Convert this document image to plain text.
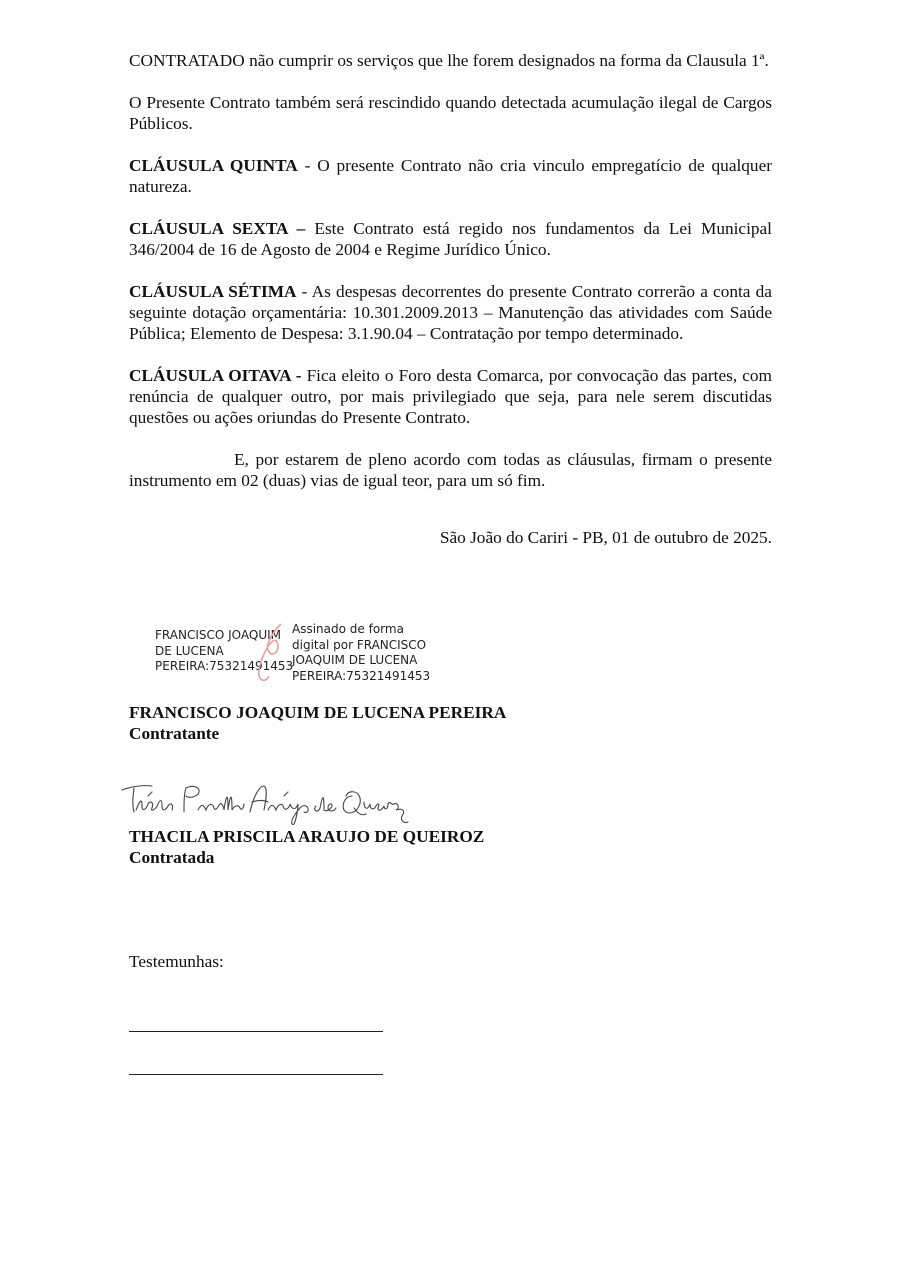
CONTRATADO não cumprir os serviços que lhe forem designados na forma da Clausula 1ª.

O Presente Contrato também será rescindido quando detectada acumulação ilegal de Cargos Públicos.

CLÁUSULA QUINTA - O presente Contrato não cria vinculo empregatício de qualquer natureza.

CLÁUSULA SEXTA – Este Contrato está regido nos fundamentos da Lei Municipal 346/2004 de 16 de Agosto de 2004 e Regime Jurídico Único.

CLÁUSULA SÉTIMA - As despesas decorrentes do presente Contrato correrão a conta da seguinte dotação orçamentária: 10.301.2009.2013 – Manutenção das atividades com Saúde Pública; Elemento de Despesa: 3.1.90.04 – Contratação por tempo determinado.

CLÁUSULA OITAVA - Fica eleito o Foro desta Comarca, por convocação das partes, com renúncia de qualquer outro, por mais privilegiado que seja, para nele serem discutidas questões ou ações oriundas do Presente Contrato.

E, por estarem de pleno acordo com todas as cláusulas, firmam o presente instrumento em 02 (duas) vias de igual teor, para um só fim.

São João do Cariri - PB, 01 de outubro de 2025.

FRANCISCO JOAQUIM
DE LUCENA
PEREIRA:75321491453
Assinado de forma
digital por FRANCISCO
JOAQUIM DE LUCENA
PEREIRA:75321491453
FRANCISCO JOAQUIM DE LUCENA PEREIRA
Contratante
THACILA PRISCILA ARAUJO DE QUEIROZ
Contratada
Testemunhas:
